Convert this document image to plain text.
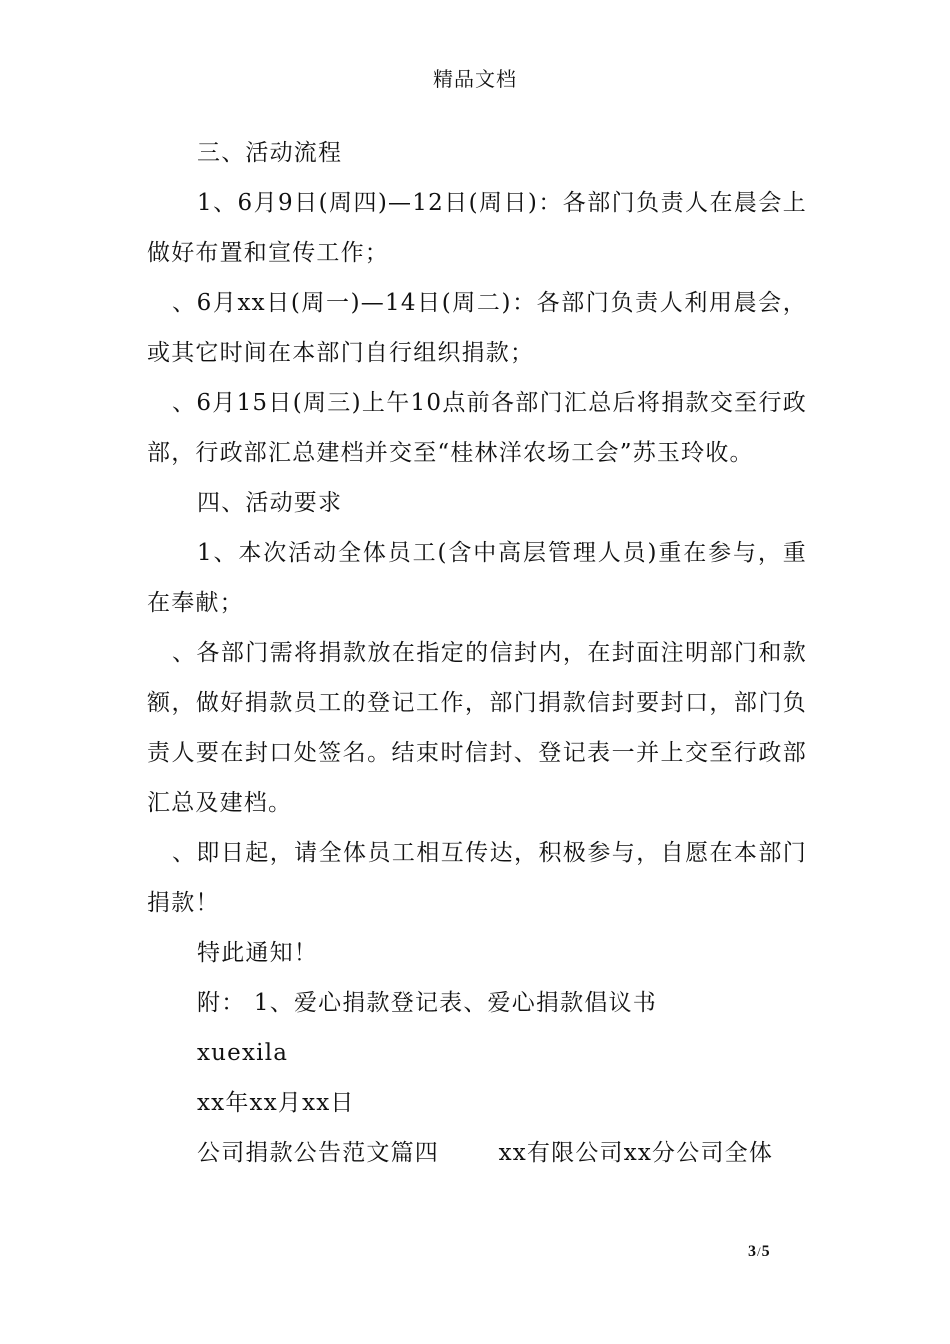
精品文档

三、活动流程

1、6月9日(周四)—12日(周日)：各部门负责人在晨会上做好布置和宣传工作；

、6月xx日(周一)—14日(周二)：各部门负责人利用晨会，或其它时间在本部门自行组织捐款；

、6月15日(周三)上午10点前各部门汇总后将捐款交至行政部，行政部汇总建档并交至“桂林洋农场工会”苏玉玲收。

四、活动要求

1、本次活动全体员工(含中高层管理人员)重在参与，重在奉献；

、各部门需将捐款放在指定的信封内，在封面注明部门和款额，做好捐款员工的登记工作，部门捐款信封要封口，部门负责人要在封口处签名。结束时信封、登记表一并上交至行政部汇总及建档。

、即日起，请全体员工相互传达，积极参与，自愿在本部门捐款！

特此通知！

附： 1、爱心捐款登记表、爱心捐款倡议书

xuexila

xx年xx月xx日

公司捐款公告范文篇四       xx有限公司xx分公司全体

3/5
